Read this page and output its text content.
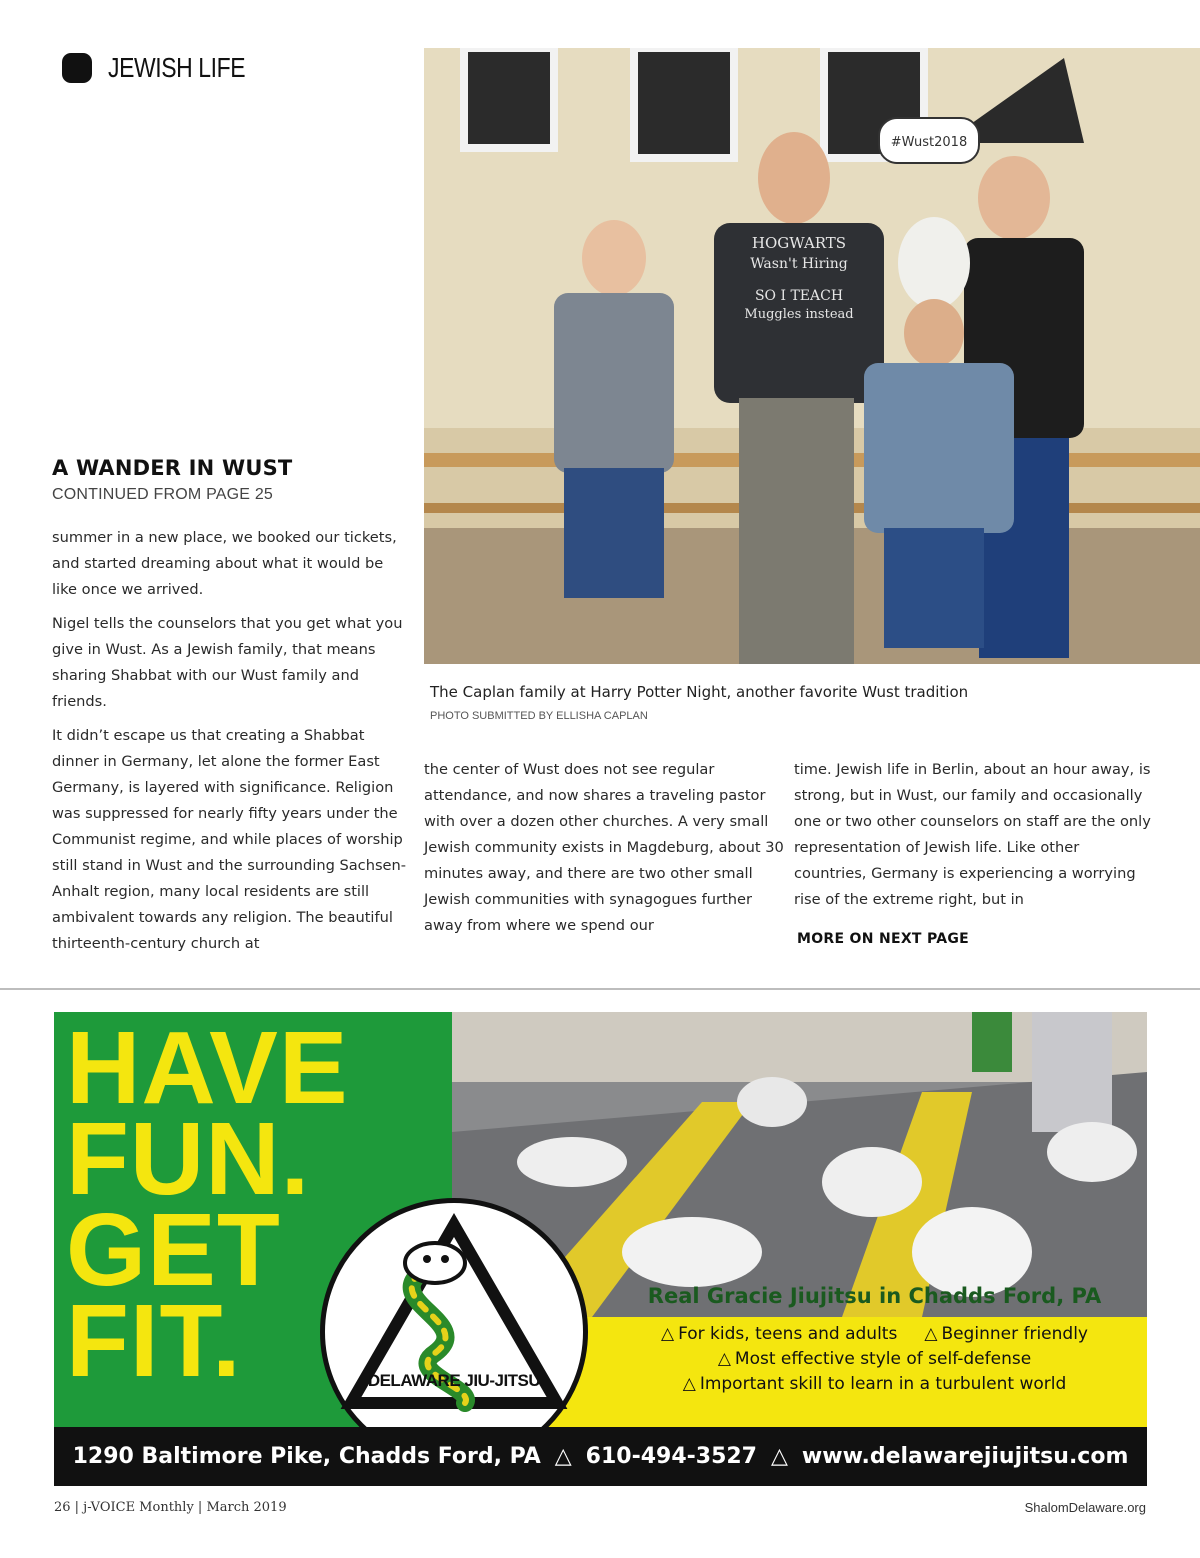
JEWISH LIFE
HOGWARTS
Wasn't Hiring
SO I TEACH
Muggles instead
#Wust2018
The Caplan family at Harry Potter Night, another favorite Wust tradition
PHOTO SUBMITTED BY ELLISHA CAPLAN
A WANDER IN WUST
CONTINUED FROM PAGE 25

summer in a new place, we booked our tickets, and started dreaming about what it would be like once we arrived.

Nigel tells the counselors that you get what you give in Wust. As a Jewish family, that means sharing Shabbat with our Wust family and friends.

It didn’t escape us that creating a Shabbat dinner in Germany, let alone the former East Germany, is layered with significance. Religion was suppressed for nearly fifty years under the Communist regime, and while places of worship still stand in Wust and the surrounding Sachsen-Anhalt region, many local residents are still ambivalent towards any religion. The beautiful thirteenth-century church at

the center of Wust does not see regular attendance, and now shares a traveling pastor with over a dozen other churches. A very small Jewish community exists in Magdeburg, about 30 minutes away, and there are two other small Jewish communities with synagogues further away from where we spend our
time. Jewish life in Berlin, about an hour away, is strong, but in Wust, our family and occasionally one or two other counselors on staff are the only representation of Jewish life. Like other countries, Germany is experiencing a worrying rise of the extreme right, but in
MORE ON NEXT PAGE
HAVE
FUN.
GET
FIT.	DELAWARE JIU-JITSU
Real Gracie Jiujitsu in Chadds Ford, PA
△ For kids, teens and adults △ Beginner friendly
△ Most effective style of self-defense
△ Important skill to learn in a turbulent world
1290 Baltimore Pike, Chadds Ford, PA △ 610-494-3527 △ www.delawarejiujitsu.com
26 | j-VOICE Monthly | March 2019	ShalomDelaware.org
